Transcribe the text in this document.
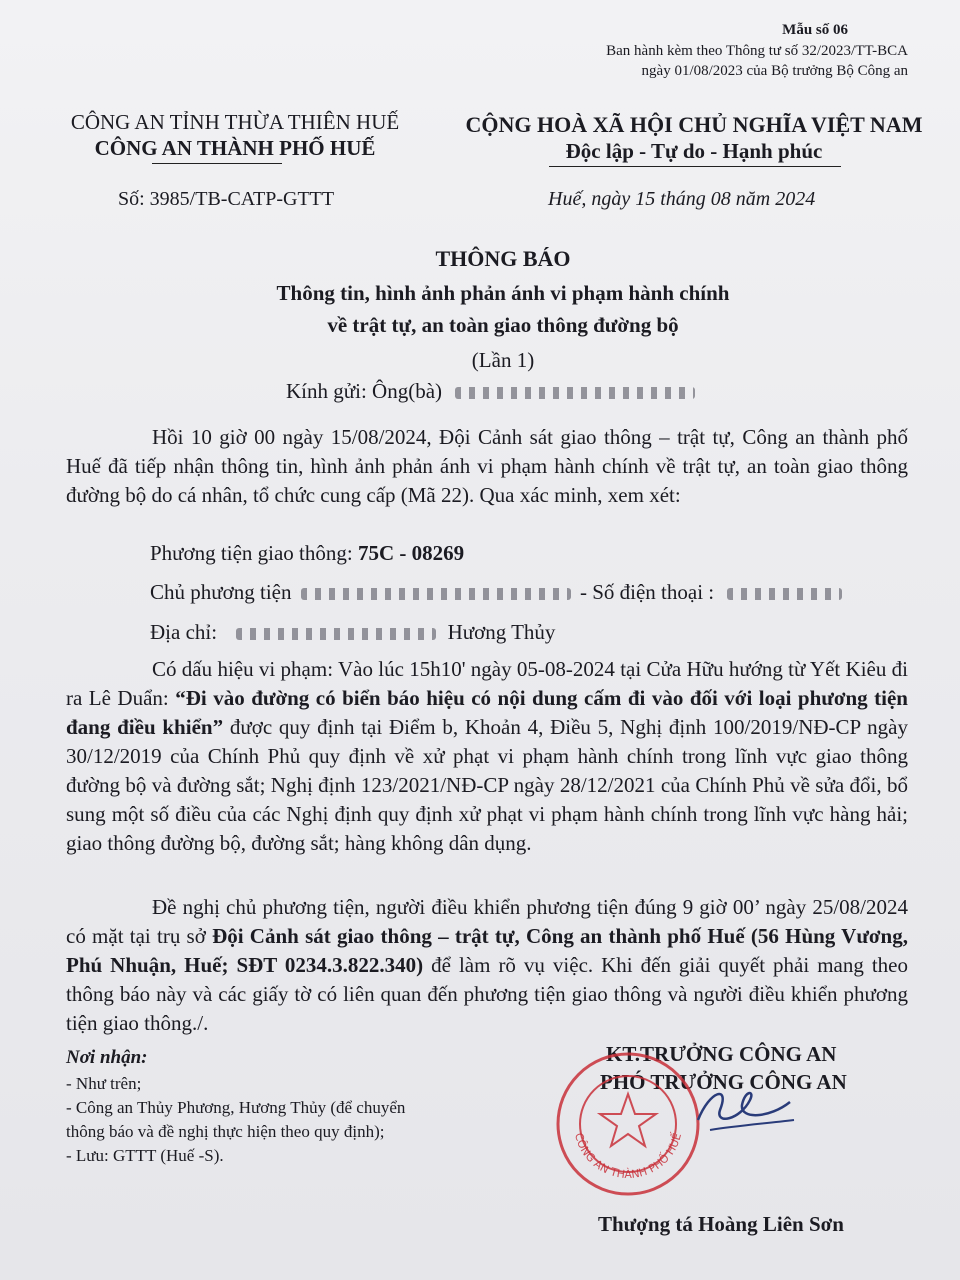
Mẫu số 06
Ban hành kèm theo Thông tư số 32/2023/TT-BCA
ngày 01/08/2023 của Bộ trưởng Bộ Công an
CÔNG AN TỈNH THỪA THIÊN HUẾ
CÔNG AN THÀNH PHỐ HUẾ
Số: 3985/TB-CATP-GTTT
CỘNG HOÀ XÃ HỘI CHỦ NGHĨA VIỆT NAM
Độc lập - Tự do - Hạnh phúc
Huế, ngày 15 tháng 08 năm 2024
THÔNG BÁO
Thông tin, hình ảnh phản ánh vi phạm hành chính
về trật tự, an toàn giao thông đường bộ
(Lần 1)
Kính gửi: Ông(bà)
Hồi 10 giờ 00 ngày 15/08/2024, Đội Cảnh sát giao thông – trật tự, Công an thành phố Huế đã tiếp nhận thông tin, hình ảnh phản ánh vi phạm hành chính về trật tự, an toàn giao thông đường bộ do cá nhân, tổ chức cung cấp (Mã 22). Qua xác minh, xem xét:
Phương tiện giao thông: 75C - 08269
Chủ phương tiện	- Số điện thoại :
Địa chỉ:	Hương Thủy
Có dấu hiệu vi phạm: Vào lúc 15h10' ngày 05-08-2024 tại Cửa Hữu hướng từ Yết Kiêu đi ra Lê Duẩn: “Đi vào đường có biển báo hiệu có nội dung cấm đi vào đối với loại phương tiện đang điều khiển” được quy định tại Điểm b, Khoản 4, Điều 5, Nghị định 100/2019/NĐ-CP ngày 30/12/2019 của Chính Phủ quy định về xử phạt vi phạm hành chính trong lĩnh vực giao thông đường bộ và đường sắt; Nghị định 123/2021/NĐ-CP ngày 28/12/2021 của Chính Phủ về sửa đổi, bổ sung một số điều của các Nghị định quy định xử phạt vi phạm hành chính trong lĩnh vực hàng hải; giao thông đường bộ, đường sắt; hàng không dân dụng.
Đề nghị chủ phương tiện, người điều khiển phương tiện đúng 9 giờ 00’ ngày 25/08/2024 có mặt tại trụ sở Đội Cảnh sát giao thông – trật tự, Công an thành phố Huế (56 Hùng Vương, Phú Nhuận, Huế; SĐT 0234.3.822.340) để làm rõ vụ việc. Khi đến giải quyết phải mang theo thông báo này và các giấy tờ có liên quan đến phương tiện giao thông và người điều khiển phương tiện giao thông./.
Nơi nhận:
- Như trên;
- Công an Thủy Phương, Hương Thủy (để chuyển
thông báo và đề nghị thực hiện theo quy định);
- Lưu: GTTT (Huế -S).
KT.TRƯỞNG CÔNG AN
PHÓ TRƯỞNG CÔNG AN
CÔNG AN THÀNH PHỐ HUẾ
Thượng tá Hoàng Liên Sơn
